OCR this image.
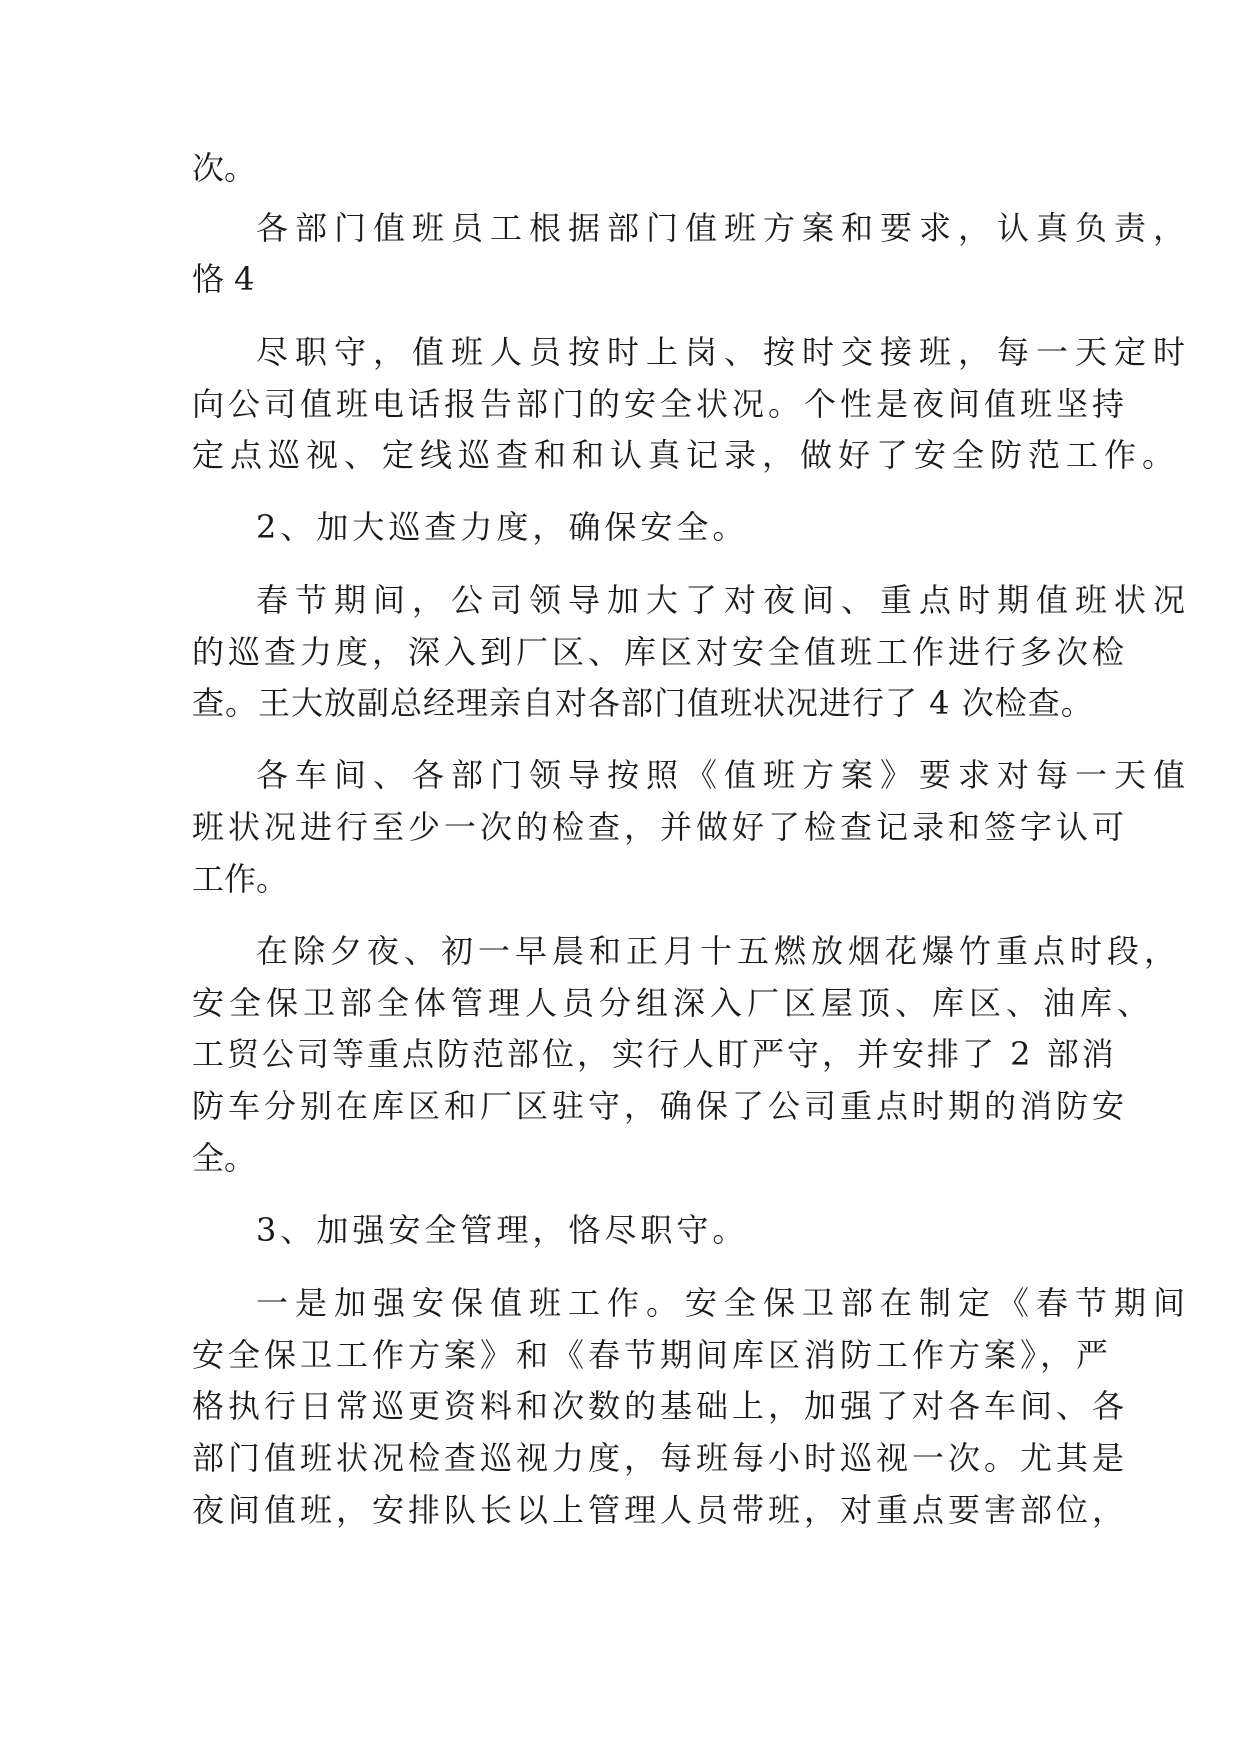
次。

各部门值班员工根据部门值班方案和要求，认真负责，

恪 4

尽职守，值班人员按时上岗、按时交接班，每一天定时

向公司值班电话报告部门的安全状况。个性是夜间值班坚持

定点巡视、定线巡查和和认真记录，做好了安全防范工作。

2、加大巡查力度，确保安全。

春节期间，公司领导加大了对夜间、重点时期值班状况

的巡查力度，深入到厂区、库区对安全值班工作进行多次检

查。王大放副总经理亲自对各部门值班状况进行了 4 次检查。

各车间、各部门领导按照《值班方案》要求对每一天值

班状况进行至少一次的检查，并做好了检查记录和签字认可

工作。

在除夕夜、初一早晨和正月十五燃放烟花爆竹重点时段，

安全保卫部全体管理人员分组深入厂区屋顶、库区、油库、

工贸公司等重点防范部位，实行人盯严守，并安排了 2 部消

防车分别在库区和厂区驻守，确保了公司重点时期的消防安

全。

3、加强安全管理，恪尽职守。

一是加强安保值班工作。安全保卫部在制定《春节期间

安全保卫工作方案》和《春节期间库区消防工作方案》，严

格执行日常巡更资料和次数的基础上，加强了对各车间、各

部门值班状况检查巡视力度，每班每小时巡视一次。尤其是

夜间值班，安排队长以上管理人员带班，对重点要害部位，
